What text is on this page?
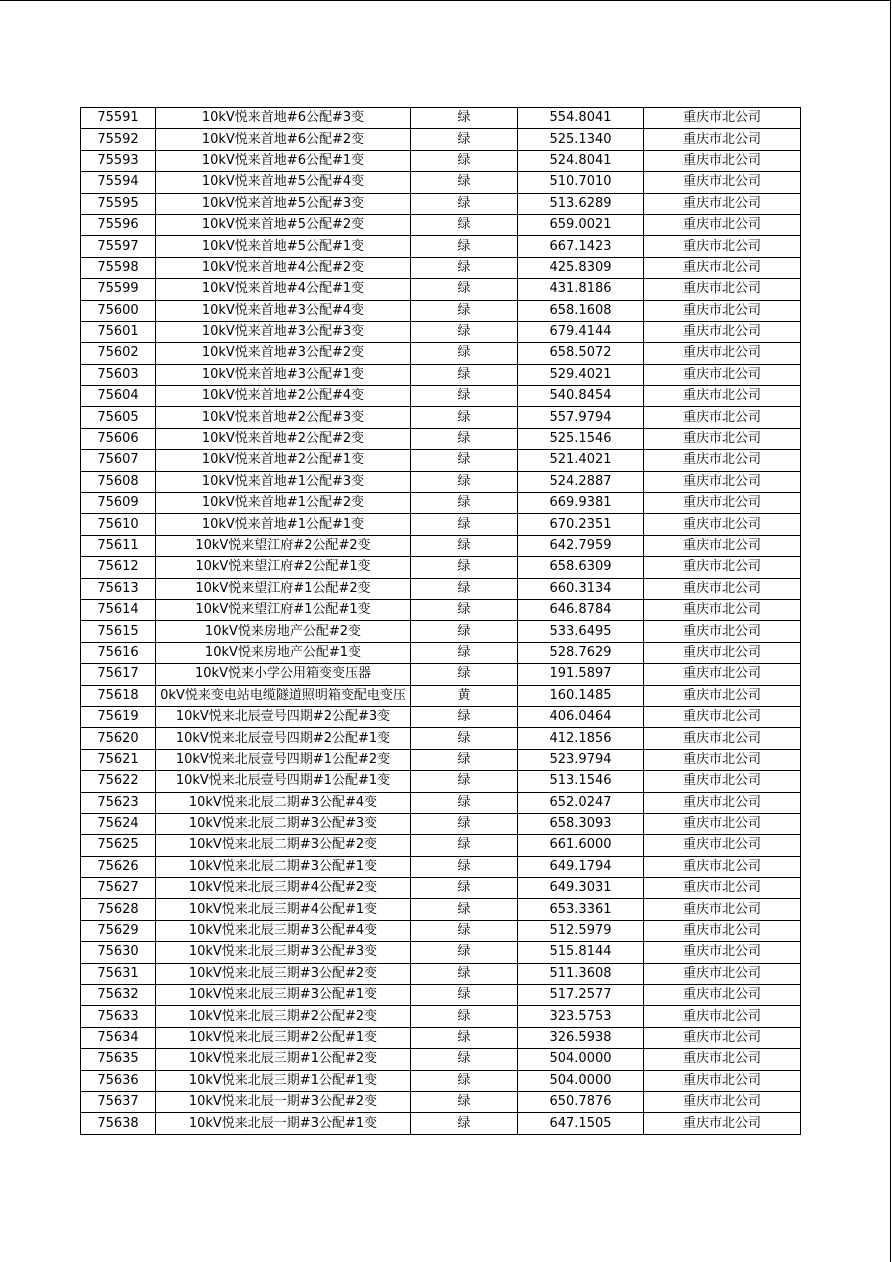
75591	10kV悦来首地#6公配#3变	绿	554.8041	重庆市北公司
75592	10kV悦来首地#6公配#2变	绿	525.1340	重庆市北公司
75593	10kV悦来首地#6公配#1变	绿	524.8041	重庆市北公司
75594	10kV悦来首地#5公配#4变	绿	510.7010	重庆市北公司
75595	10kV悦来首地#5公配#3变	绿	513.6289	重庆市北公司
75596	10kV悦来首地#5公配#2变	绿	659.0021	重庆市北公司
75597	10kV悦来首地#5公配#1变	绿	667.1423	重庆市北公司
75598	10kV悦来首地#4公配#2变	绿	425.8309	重庆市北公司
75599	10kV悦来首地#4公配#1变	绿	431.8186	重庆市北公司
75600	10kV悦来首地#3公配#4变	绿	658.1608	重庆市北公司
75601	10kV悦来首地#3公配#3变	绿	679.4144	重庆市北公司
75602	10kV悦来首地#3公配#2变	绿	658.5072	重庆市北公司
75603	10kV悦来首地#3公配#1变	绿	529.4021	重庆市北公司
75604	10kV悦来首地#2公配#4变	绿	540.8454	重庆市北公司
75605	10kV悦来首地#2公配#3变	绿	557.9794	重庆市北公司
75606	10kV悦来首地#2公配#2变	绿	525.1546	重庆市北公司
75607	10kV悦来首地#2公配#1变	绿	521.4021	重庆市北公司
75608	10kV悦来首地#1公配#3变	绿	524.2887	重庆市北公司
75609	10kV悦来首地#1公配#2变	绿	669.9381	重庆市北公司
75610	10kV悦来首地#1公配#1变	绿	670.2351	重庆市北公司
75611	10kV悦来望江府#2公配#2变	绿	642.7959	重庆市北公司
75612	10kV悦来望江府#2公配#1变	绿	658.6309	重庆市北公司
75613	10kV悦来望江府#1公配#2变	绿	660.3134	重庆市北公司
75614	10kV悦来望江府#1公配#1变	绿	646.8784	重庆市北公司
75615	10kV悦来房地产公配#2变	绿	533.6495	重庆市北公司
75616	10kV悦来房地产公配#1变	绿	528.7629	重庆市北公司
75617	10kV悦来小学公用箱变变压器	绿	191.5897	重庆市北公司
75618	0kV悦来变电站电缆隧道照明箱变配电变压	黄	160.1485	重庆市北公司
75619	10kV悦来北辰壹号四期#2公配#3变	绿	406.0464	重庆市北公司
75620	10kV悦来北辰壹号四期#2公配#1变	绿	412.1856	重庆市北公司
75621	10kV悦来北辰壹号四期#1公配#2变	绿	523.9794	重庆市北公司
75622	10kV悦来北辰壹号四期#1公配#1变	绿	513.1546	重庆市北公司
75623	10kV悦来北辰二期#3公配#4变	绿	652.0247	重庆市北公司
75624	10kV悦来北辰二期#3公配#3变	绿	658.3093	重庆市北公司
75625	10kV悦来北辰二期#3公配#2变	绿	661.6000	重庆市北公司
75626	10kV悦来北辰二期#3公配#1变	绿	649.1794	重庆市北公司
75627	10kV悦来北辰三期#4公配#2变	绿	649.3031	重庆市北公司
75628	10kV悦来北辰三期#4公配#1变	绿	653.3361	重庆市北公司
75629	10kV悦来北辰三期#3公配#4变	绿	512.5979	重庆市北公司
75630	10kV悦来北辰三期#3公配#3变	绿	515.8144	重庆市北公司
75631	10kV悦来北辰三期#3公配#2变	绿	511.3608	重庆市北公司
75632	10kV悦来北辰三期#3公配#1变	绿	517.2577	重庆市北公司
75633	10kV悦来北辰三期#2公配#2变	绿	323.5753	重庆市北公司
75634	10kV悦来北辰三期#2公配#1变	绿	326.5938	重庆市北公司
75635	10kV悦来北辰三期#1公配#2变	绿	504.0000	重庆市北公司
75636	10kV悦来北辰三期#1公配#1变	绿	504.0000	重庆市北公司
75637	10kV悦来北辰一期#3公配#2变	绿	650.7876	重庆市北公司
75638	10kV悦来北辰一期#3公配#1变	绿	647.1505	重庆市北公司
